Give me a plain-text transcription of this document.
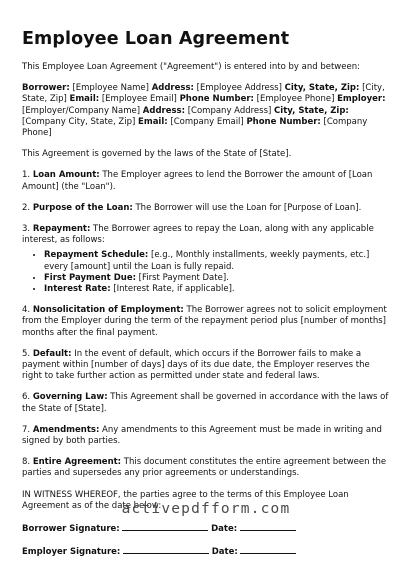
Employee Loan Agreement

This Employee Loan Agreement ("Agreement") is entered into by and between:

Borrower: [Employee Name] Address: [Employee Address] City, State, Zip: [City, State, Zip] Email: [Employee Email] Phone Number: [Employee Phone] Employer: [Employer/Company Name] Address: [Company Address] City, State, Zip: [Company City, State, Zip] Email: [Company Email] Phone Number: [Company Phone]

This Agreement is governed by the laws of the State of [State].

1. Loan Amount: The Employer agrees to lend the Borrower the amount of [Loan Amount] (the "Loan").

2. Purpose of the Loan: The Borrower will use the Loan for [Purpose of Loan].

3. Repayment: The Borrower agrees to repay the Loan, along with any applicable interest, as follows:

• Repayment Schedule: [e.g., Monthly installments, weekly payments, etc.] every [amount] until the Loan is fully repaid.
• First Payment Due: [First Payment Date].
• Interest Rate: [Interest Rate, if applicable].

4. Nonsolicitation of Employment: The Borrower agrees not to solicit employment from the Employer during the term of the repayment period plus [number of months] months after the final payment.

5. Default: In the event of default, which occurs if the Borrower fails to make a payment within [number of days] days of its due date, the Employer reserves the right to take further action as permitted under state and federal laws.

6. Governing Law: This Agreement shall be governed in accordance with the laws of the State of [State].

7. Amendments: Any amendments to this Agreement must be made in writing and signed by both parties.

8. Entire Agreement: This document constitutes the entire agreement between the parties and supersedes any prior agreements or understandings.

IN WITNESS WHEREOF, the parties agree to the terms of this Employee Loan Agreement as of the date below:

Borrower Signature:	Date:
Employer Signature:	Date:
activepdfform.com
